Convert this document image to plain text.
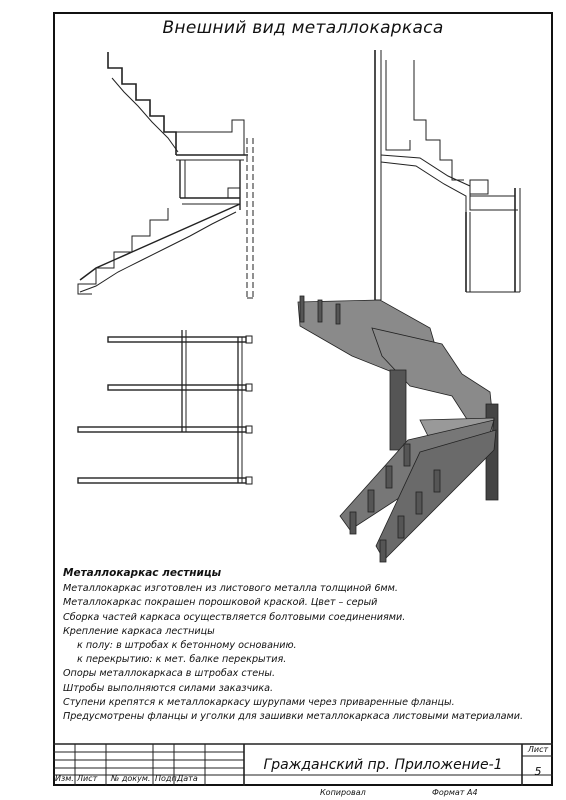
Внешний вид металлокаркаса
Металлокаркас лестницы
Металлокаркас изготовлен из листового металла толщиной 6мм.
Металлокаркас покрашен порошковой краской. Цвет – серый
Сборка частей каркаса осуществляется болтовыми соединениями.
Крепление каркаса лестницы
к полу: в штробах к бетонному основанию.
к перекрытию: к мет. балке перекрытия.
Опоры металлокаркаса в штробах стены.
Штробы выполняются силами заказчика.
Ступени крепятся к металлокаркасу шурупами через приваренные фланцы.
Предусмотрены фланцы и уголки для зашивки металлокаркаса листовыми материалами.
Гражданский пр. Приложение-1
Лист
5
Изм. Лист № докум. Подп.
Дата
Копировал	Формат А4
